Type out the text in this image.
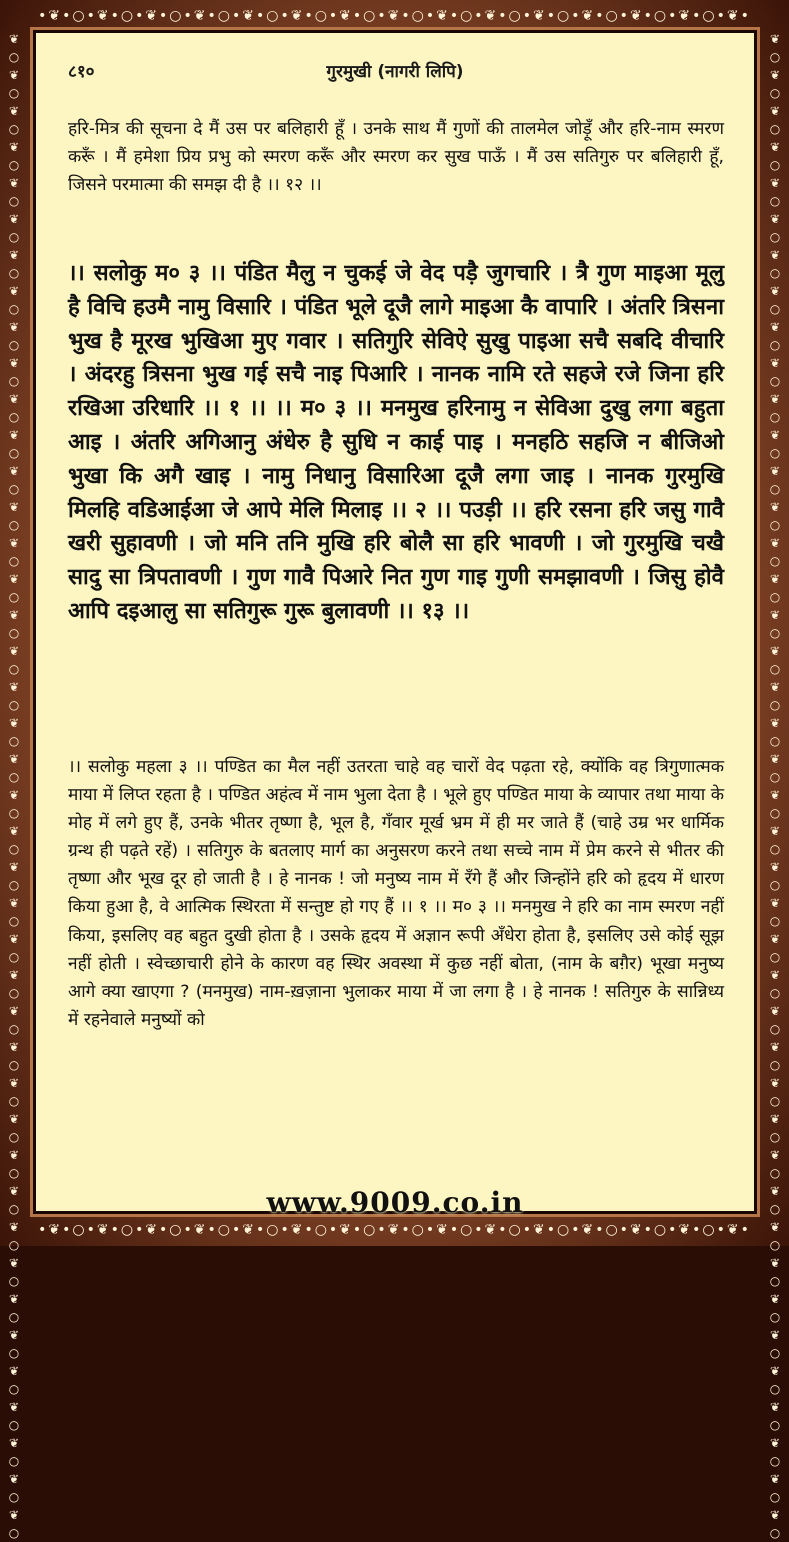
•❦•○•❦•○•❦•○•❦•○•❦•○•❦•○•❦•○•❦•○•❦•○•❦•○•❦•○•❦•○•❦•○•❦•○•❦•
•❦•○•❦•○•❦•○•❦•○•❦•○•❦•○•❦•○•❦•○•❦•○•❦•○•❦•○•❦•○•❦•○•❦•○•❦•
❦○❦○❦○❦○❦○❦○❦○❦○❦○❦○❦○❦○❦○❦○❦○❦○❦○❦○❦○❦○❦○❦○❦○❦○❦○❦○❦○❦○❦○❦○❦○❦○❦○❦○❦○❦○❦○❦○❦○❦○❦○❦○
❦○❦○❦○❦○❦○❦○❦○❦○❦○❦○❦○❦○❦○❦○❦○❦○❦○❦○❦○❦○❦○❦○❦○❦○❦○❦○❦○❦○❦○❦○❦○❦○❦○❦○❦○❦○❦○❦○❦○❦○❦○❦○
८१०	गुरमुखी (नागरी लिपि)

हरि-मित्र की सूचना दे मैं उस पर बलिहारी हूँ । उनके साथ मैं गुणों की तालमेल जोड़ूँ और हरि-नाम स्मरण करूँ । मैं हमेशा प्रिय प्रभु को स्मरण करूँ और स्मरण कर सुख पाऊँ । मैं उस सतिगुरु पर बलिहारी हूँ, जिसने परमात्मा की समझ दी है ।। १२ ।।

।। सलोकु म० ३ ।। पंडित मैलु न चुकई जे वेद पड़ै जुगचारि । त्रै गुण माइआ मूलु है विचि हउमै नामु विसारि । पंडित भूले दूजै लागे माइआ कै वापारि । अंतरि त्रिसना भुख है मूरख भुखिआ मुए गवार । सतिगुरि सेविऐ सुखु पाइआ सचै सबदि वीचारि । अंदरहु त्रिसना भुख गई सचै नाइ पिआरि । नानक नामि रते सहजे रजे जिना हरि रखिआ उरिधारि ।। १ ।। ।। म० ३ ।। मनमुख हरिनामु न सेविआ दुखु लगा बहुता आइ । अंतरि अगिआनु अंधेरु है सुधि न काई पाइ । मनहठि सहजि न बीजिओ भुखा कि अगै खाइ । नामु निधानु विसारिआ दूजै लगा जाइ । नानक गुरमुखि मिलहि वडिआईआ जे आपे मेलि मिलाइ ।। २ ।। पउड़ी ।। हरि रसना हरि जसु गावै खरी सुहावणी । जो मनि तनि मुखि हरि बोलै सा हरि भावणी । जो गुरमुखि चखै सादु सा त्रिपतावणी । गुण गावै पिआरे नित गुण गाइ गुणी समझावणी । जिसु होवै आपि दइआलु सा सतिगुरू गुरू बुलावणी ।। १३ ।।

।। सलोकु महला ३ ।। पण्डित का मैल नहीं उतरता चाहे वह चारों वेद पढ़ता रहे, क्योंकि वह त्रिगुणात्मक माया में लिप्त रहता है । पण्डित अहंत्व में नाम भुला देता है । भूले हुए पण्डित माया के व्यापार तथा माया के मोह में लगे हुए हैं, उनके भीतर तृष्णा है, भूल है, गँवार मूर्ख भ्रम में ही मर जाते हैं (चाहे उम्र भर धार्मिक ग्रन्थ ही पढ़ते रहें) । सतिगुरु के बतलाए मार्ग का अनुसरण करने तथा सच्चे नाम में प्रेम करने से भीतर की तृष्णा और भूख दूर हो जाती है । हे नानक ! जो मनुष्य नाम में रँगे हैं और जिन्होंने हरि को हृदय में धारण किया हुआ है, वे आत्मिक स्थिरता में सन्तुष्ट हो गए हैं ।। १ ।। म० ३ ।। मनमुख ने हरि का नाम स्मरण नहीं किया, इसलिए वह बहुत दुखी होता है । उसके हृदय में अज्ञान रूपी अँधेरा होता है, इसलिए उसे कोई सूझ नहीं होती । स्वेच्छाचारी होने के कारण वह स्थिर अवस्था में कुछ नहीं बोता, (नाम के बग़ैर) भूखा मनुष्य आगे क्या खाएगा ? (मनमुख) नाम-ख़ज़ाना भुलाकर माया में जा लगा है । हे नानक ! सतिगुरु के सान्निध्य में रहनेवाले मनुष्यों को

www.9009.co.in
